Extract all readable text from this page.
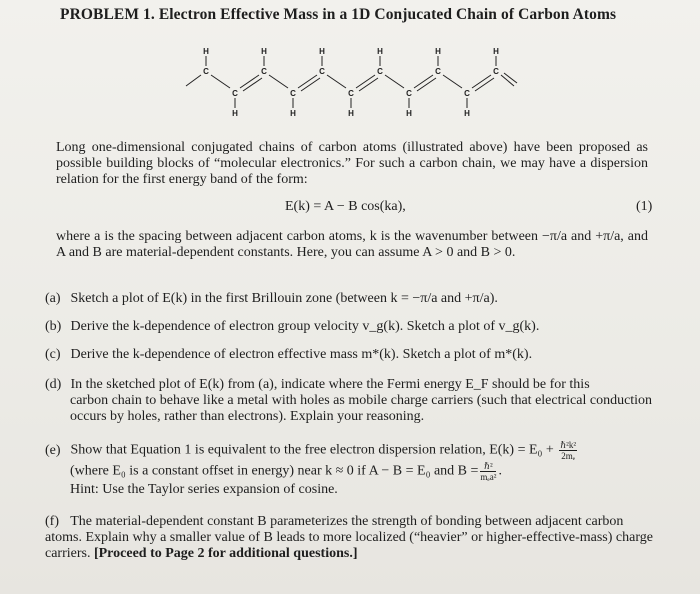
PROBLEM 1. Electron Effective Mass in a 1D Conjucated Chain of Carbon Atoms
H	H	H	H	H	H
C	C	C	C	C	C
C	C	C	C	C
H	H	H	H	H
Long one-dimensional conjugated chains of carbon atoms (illustrated above) have been proposed as possible building blocks of “molecular electronics.” For such a carbon chain, we may have a dispersion relation for the first energy band of the form:
E(k) = A − B cos(ka),	(1)
where a is the spacing between adjacent carbon atoms, k is the wavenumber between −π/a and +π/a, and A and B are material-dependent constants. Here, you can assume A > 0 and B > 0.
(a) Sketch a plot of E(k) in the first Brillouin zone (between k = −π/a and +π/a).
(b) Derive the k-dependence of electron group velocity v_g(k). Sketch a plot of v_g(k).
(c) Derive the k-dependence of electron effective mass m*(k). Sketch a plot of m*(k).
(d) In the sketched plot of E(k) from (a), indicate where the Fermi energy E_F should be for this
carbon chain to behave like a metal with holes as mobile charge carriers (such that electrical conduction occurs by holes, rather than electrons). Explain your reasoning.
(e) Show that Equation 1 is equivalent to the free electron dispersion relation, $E(k) = E_0 + \frac{\text{ℏ²k²}}{\text{2mₑ}}$
(where E₀ is a constant offset in energy) near k ≈ 0 if A − B = E₀ and $B = \frac{\text{ℏ²}}{\text{mₑa²}}$ .
Hint: Use the Taylor series expansion of cosine.
(f) The material-dependent constant B parameterizes the strength of bonding between adjacent carbon atoms. Explain why a smaller value of B leads to more localized (“heavier” or higher-effective-mass) charge carriers. [Proceed to Page 2 for additional questions.]
